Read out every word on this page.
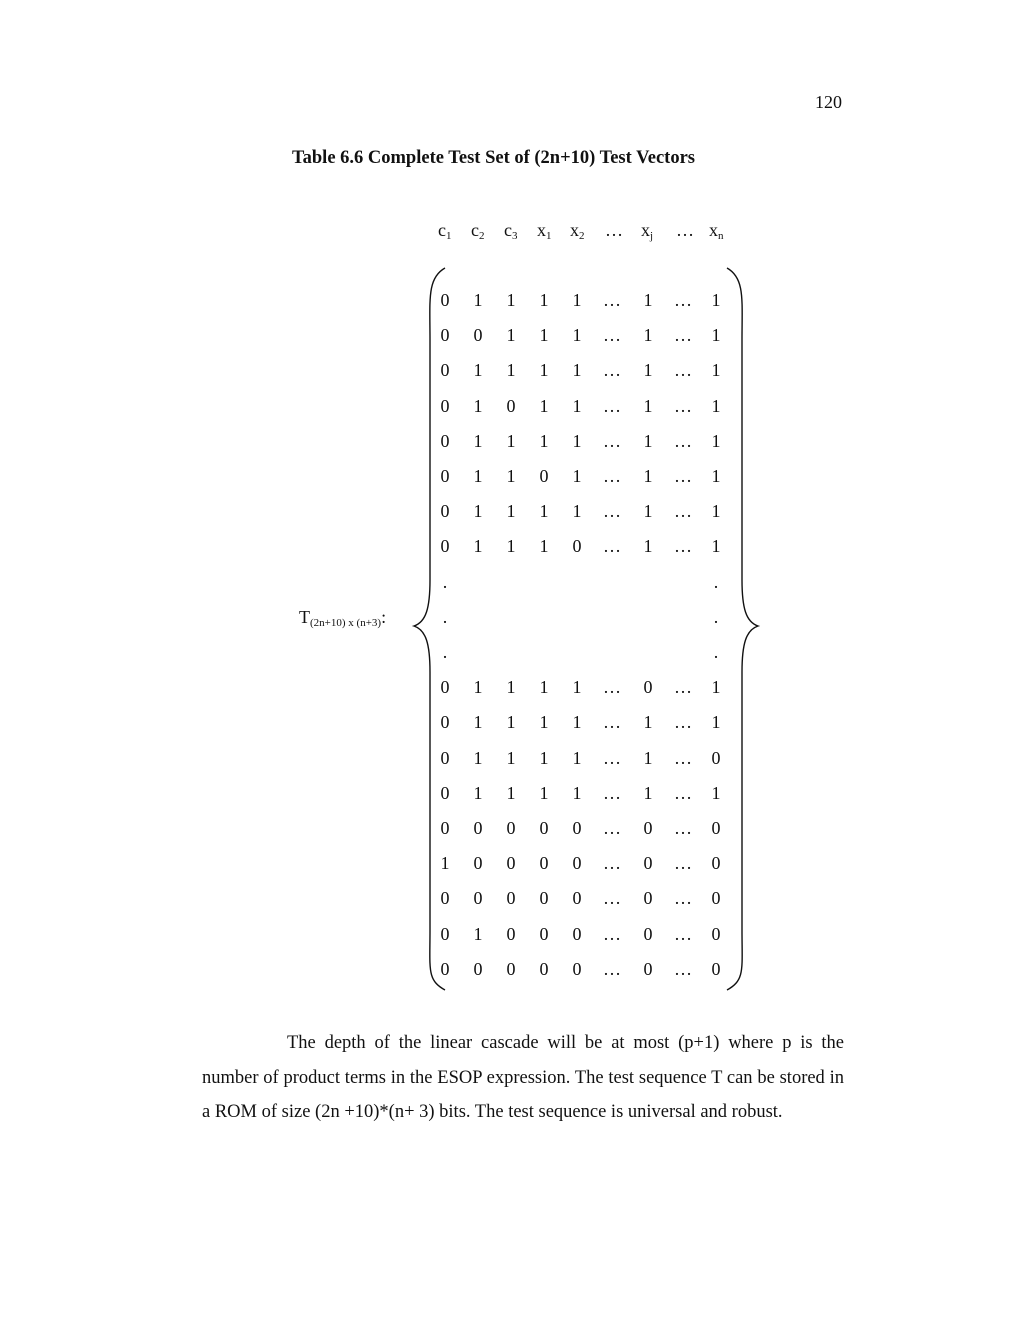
120
Table 6.6 Complete Test Set of (2n+10) Test Vectors
$c_1$ $c_2$ $c_3$ $x_1$ $x_2$ … $x_j$ … $x_n$
T(2n+10) x (n+3):
0	1	1	1	1	…	1	…	1
0	0	1	1	1	…	1	…	1
0	1	1	1	1	…	1	…	1
0	1	0	1	1	…	1	…	1
0	1	1	1	1	…	1	…	1
0	1	1	0	1	…	1	…	1
0	1	1	1	1	…	1	…	1
0	1	1	1	0	…	1	…	1
.	.
.	.
.	.
0	1	1	1	1	…	0	…	1
0	1	1	1	1	…	1	…	1
0	1	1	1	1	…	1	…	0
0	1	1	1	1	…	1	…	1
0	0	0	0	0	…	0	…	0
1	0	0	0	0	…	0	…	0
0	0	0	0	0	…	0	…	0
0	1	0	0	0	…	0	…	0
0	0	0	0	0	…	0	…	0

The depth of the linear cascade will be at most (p+1) where p is the number of product terms in the ESOP expression. The test sequence T can be stored in a ROM of size (2n +10)*(n+ 3) bits. The test sequence is universal and robust.
